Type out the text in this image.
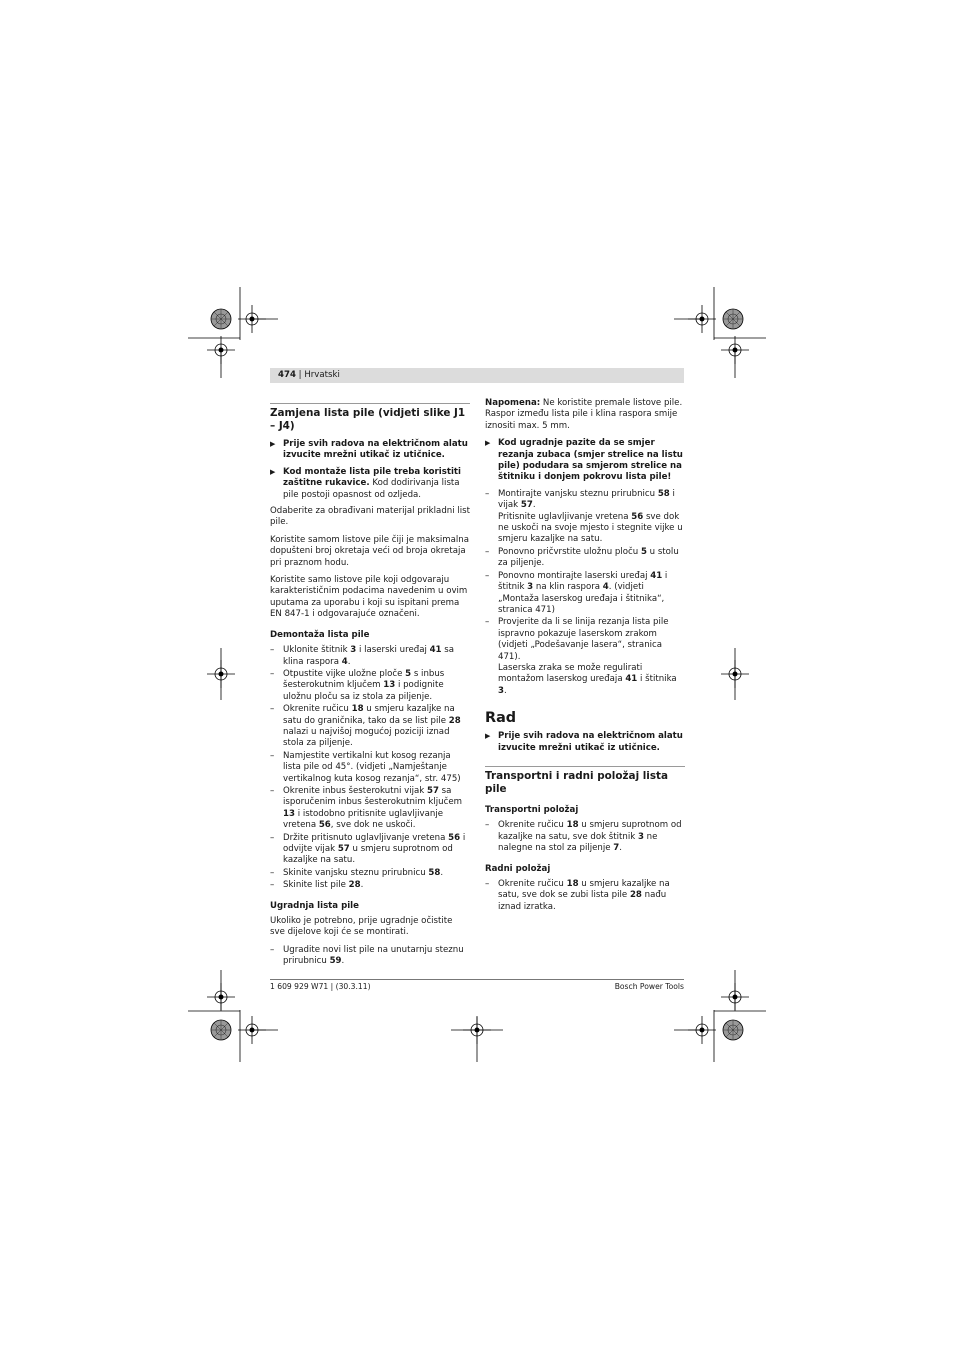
474 | Hrvatski
Zamjena lista pile (vidjeti slike J1 – J4)
▶ Prije svih radova na električnom alatu izvucite mrežni utikač iz utičnice.
▶ Kod montaže lista pile treba koristiti zaštitne rukavice. Kod dodirivanja lista pile postoji opasnost od ozljeda.

Odaberite za obrađivani materijal prikladni list pile.

Koristite samom listove pile čiji je maksimalna dopušteni broj okretaja veći od broja okretaja pri praznom hodu.

Koristite samo listove pile koji odgovaraju karakterističnim podacima navedenim u ovim uputama za uporabu i koji su ispitani prema EN 847-1 i odgovarajuće označeni.

Demontaža lista pile
– Uklonite štitnik 3 i laserski uređaj 41 sa klina raspora 4.
– Otpustite vijke uložne ploče 5 s inbus šesterokutnim ključem 13 i podignite uložnu ploču sa iz stola za piljenje.
– Okrenite ručicu 18 u smjeru kazaljke na satu do graničnika, tako da se list pile 28 nalazi u najvišoj mogućoj poziciji iznad stola za piljenje.
– Namjestite vertikalni kut kosog rezanja lista pile od 45°. (vidjeti „Namještanje vertikalnog kuta kosog rezanja“, str. 475)
– Okrenite inbus šesterokutni vijak 57 sa isporučenim inbus šesterokutnim ključem 13 i istodobno pritisnite uglavljivanje vretena 56, sve dok ne uskoči.
– Držite pritisnuto uglavljivanje vretena 56 i odvijte vijak 57 u smjeru suprotnom od kazaljke na satu.
– Skinite vanjsku steznu prirubnicu 58.
– Skinite list pile 28.
Ugradnja lista pile

Ukoliko je potrebno, prije ugradnje očistite sve dijelove koji će se montirati.

– Ugradite novi list pile na unutarnju steznu prirubnicu 59.

Napomena: Ne koristite premale listove pile. Raspor između lista pile i klina raspora smije iznositi max. 5 mm.

▶ Kod ugradnje pazite da se smjer rezanja zubaca (smjer strelice na listu pile) podudara sa smjerom strelice na štitniku i donjem pokrovu lista pile!
– Montirajte vanjsku steznu prirubnicu 58 i vijak 57.
Pritisnite uglavljivanje vretena 56 sve dok ne uskoči na svoje mjesto i stegnite vijke u smjeru kazaljke na satu.
– Ponovno pričvrstite uložnu ploču 5 u stolu za piljenje.
– Ponovno montirajte laserski uređaj 41 i štitnik 3 na klin raspora 4. (vidjeti „Montaža laserskog uređaja i štitnika“, stranica 471)
– Provjerite da li se linija rezanja lista pile ispravno pokazuje laserskom zrakom (vidjeti „Podešavanje lasera“, stranica 471).
Laserska zraka se može regulirati montažom laserskog uređaja 41 i štitnika 3.
Rad
▶ Prije svih radova na električnom alatu izvucite mrežni utikač iz utičnice.
Transportni i radni položaj lista pile
Transportni položaj
– Okrenite ručicu 18 u smjeru suprotnom od kazaljke na satu, sve dok štitnik 3 ne nalegne na stol za piljenje 7.
Radni položaj
– Okrenite ručicu 18 u smjeru kazaljke na satu, sve dok se zubi lista pile 28 nađu iznad izratka.
1 609 929 W71 | (30.3.11)	Bosch Power Tools
